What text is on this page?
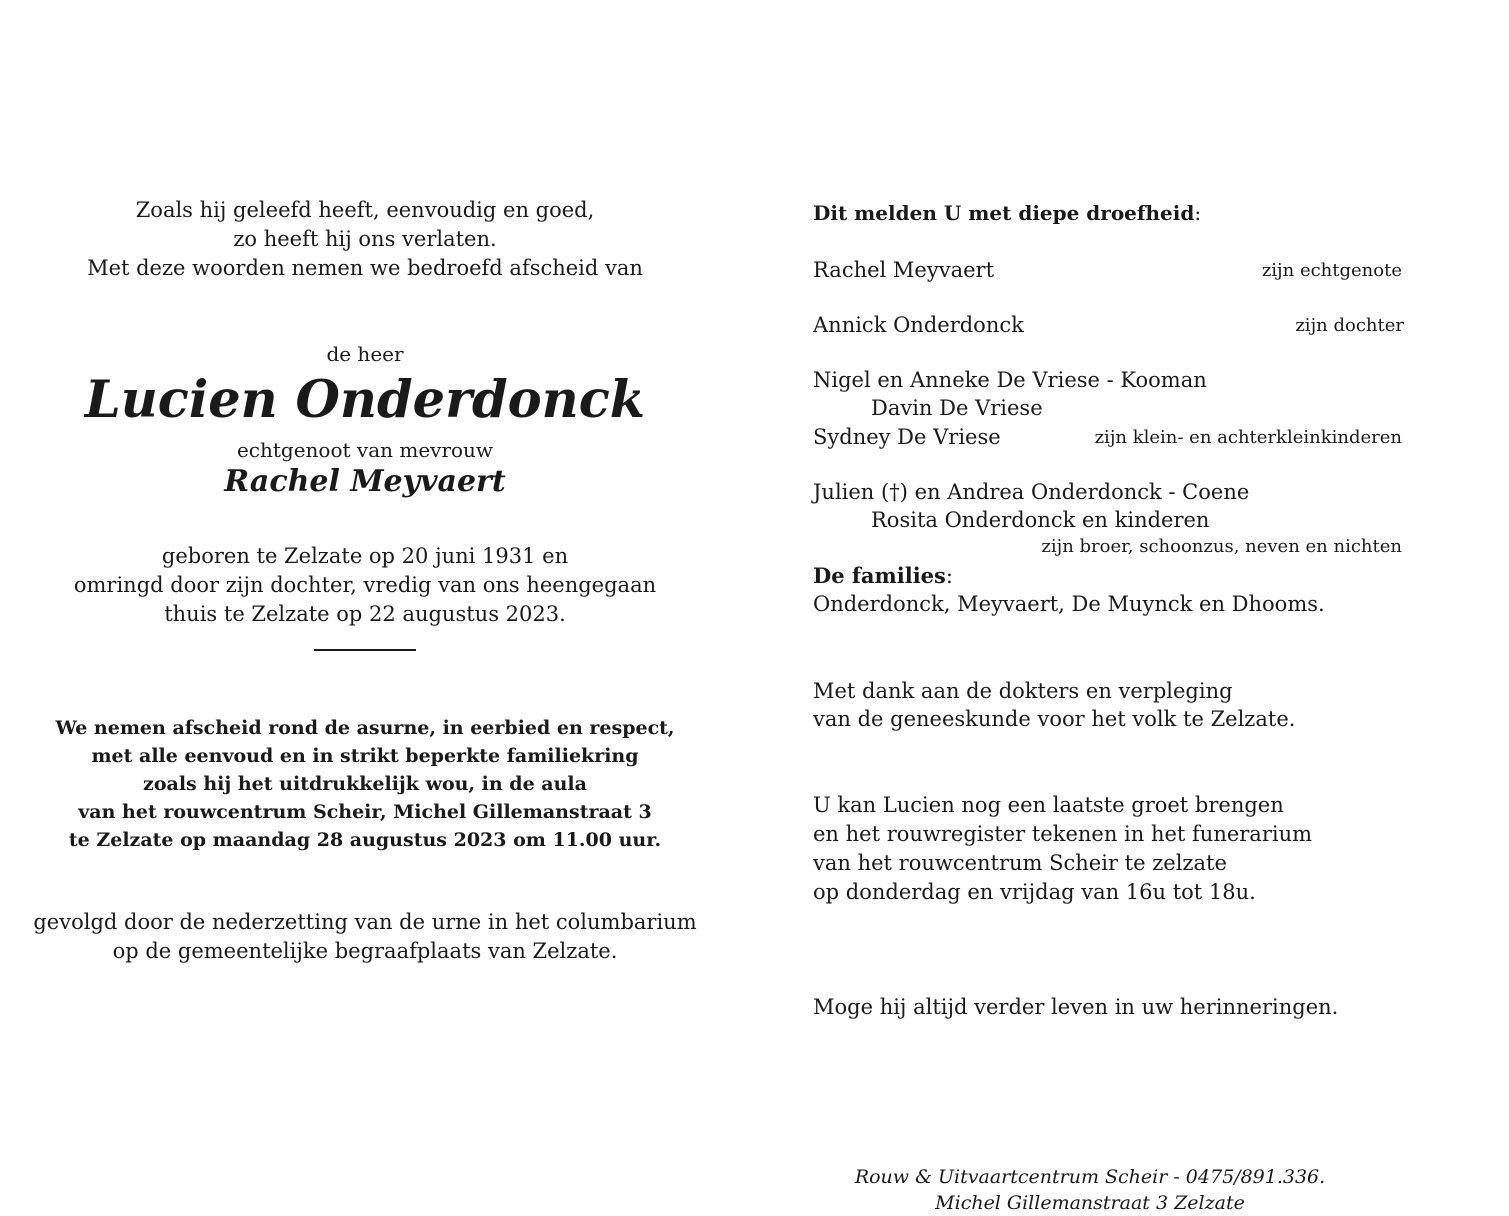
Zoals hij geleefd heeft, eenvoudig en goed,
zo heeft hij ons verlaten.
Met deze woorden nemen we bedroefd afscheid van
de heer
Lucien Onderdonck
echtgenoot van mevrouw
Rachel Meyvaert
geboren te Zelzate op 20 juni 1931 en
omringd door zijn dochter, vredig van ons heengegaan
thuis te Zelzate op 22 augustus 2023.
We nemen afscheid rond de asurne, in eerbied en respect,
met alle eenvoud en in strikt beperkte familiekring
zoals hij het uitdrukkelijk wou, in de aula
van het rouwcentrum Scheir, Michel Gillemanstraat 3
te Zelzate op maandag 28 augustus 2023 om 11.00 uur.
gevolgd door de nederzetting van de urne in het columbarium
op de gemeentelijke begraafplaats van Zelzate.
Dit melden U met diepe droefheid:
Rachel Meyvaert	zijn echtgenote
Annick Onderdonck	zijn dochter
Nigel en Anneke De Vriese - Kooman
Davin De Vriese
Sydney De Vriese	zijn klein- en achterkleinkinderen
Julien (†) en Andrea Onderdonck - Coene
Rosita Onderdonck en kinderen
zijn broer, schoonzus, neven en nichten
De families:
Onderdonck, Meyvaert, De Muynck en Dhooms.
Met dank aan de dokters en verpleging
van de geneeskunde voor het volk te Zelzate.
U kan Lucien nog een laatste groet brengen
en het rouwregister tekenen in het funerarium
van het rouwcentrum Scheir te zelzate
op donderdag en vrijdag van 16u tot 18u.
Moge hij altijd verder leven in uw herinneringen.
Rouw & Uitvaartcentrum Scheir - 0475/891.336.
Michel Gillemanstraat 3 Zelzate
